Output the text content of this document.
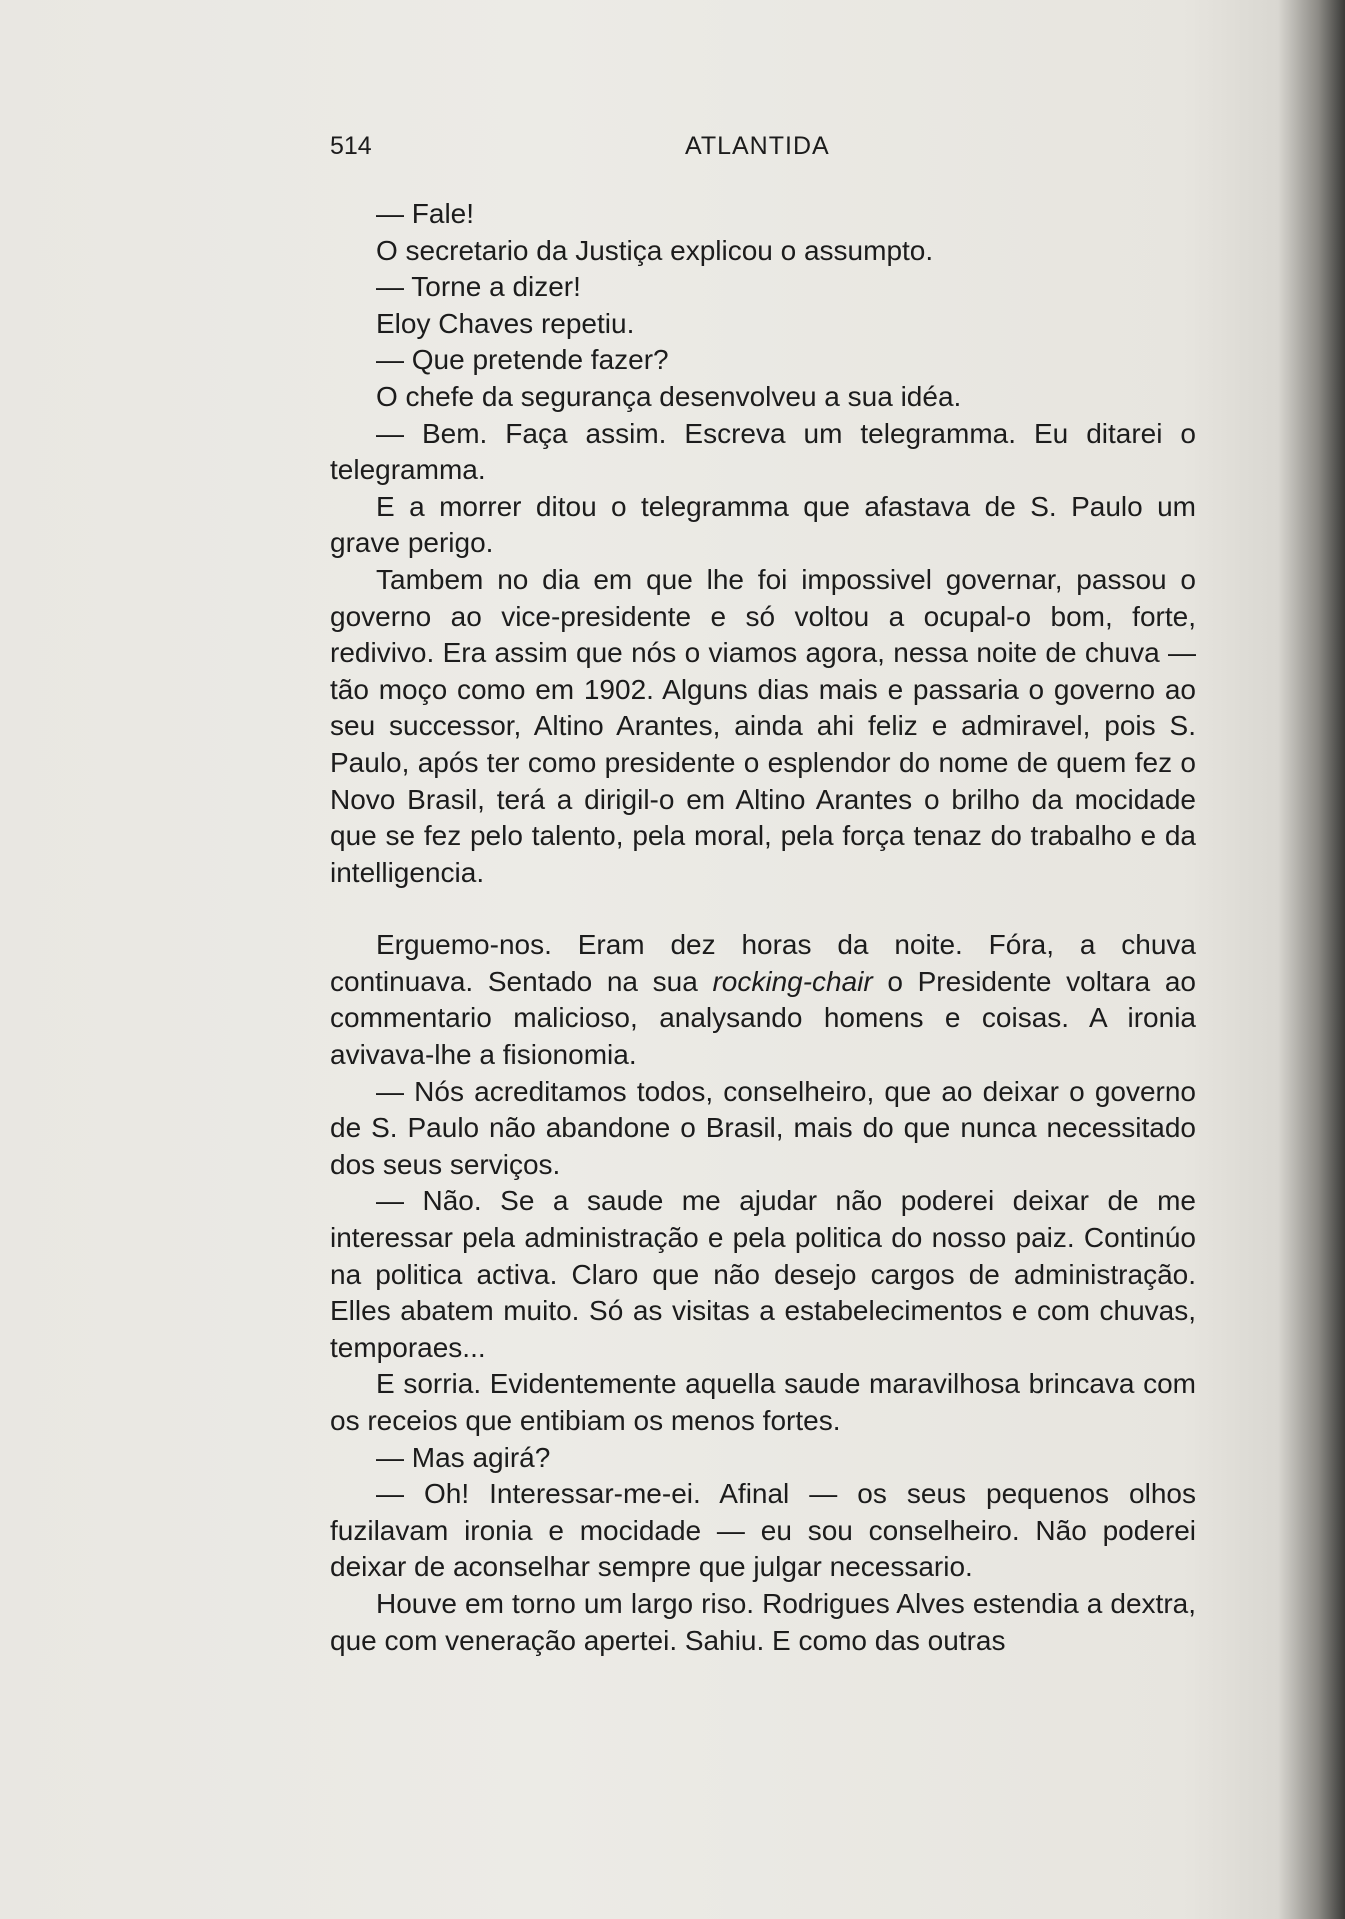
514	ATLANTIDA

— Fale!

O secretario da Justiça explicou o assumpto.

— Torne a dizer!

Eloy Chaves repetiu.

— Que pretende fazer?

O chefe da segurança desenvolveu a sua idéa.

— Bem. Faça assim. Escreva um telegramma. Eu ditarei o telegramma.

E a morrer ditou o telegramma que afastava de S. Paulo um grave perigo.

Tambem no dia em que lhe foi impossivel governar, passou o governo ao vice-presidente e só voltou a ocupal-o bom, forte, redivivo. Era assim que nós o viamos agora, nessa noite de chuva — tão moço como em 1902. Alguns dias mais e passaria o governo ao seu successor, Altino Arantes, ainda ahi feliz e admiravel, pois S. Paulo, após ter como presidente o esplendor do nome de quem fez o Novo Brasil, terá a dirigil-o em Altino Arantes o brilho da mocidade que se fez pelo talento, pela moral, pela força tenaz do trabalho e da intelligencia.

Erguemo-nos. Eram dez horas da noite. Fóra, a chuva continuava. Sentado na sua rocking-chair o Presidente voltara ao commentario malicioso, analysando homens e coisas. A ironia avivava-lhe a fisionomia.

— Nós acreditamos todos, conselheiro, que ao deixar o governo de S. Paulo não abandone o Brasil, mais do que nunca necessitado dos seus serviços.

— Não. Se a saude me ajudar não poderei deixar de me interessar pela administração e pela politica do nosso paiz. Continúo na politica activa. Claro que não desejo cargos de administração. Elles abatem muito. Só as visitas a estabelecimentos e com chuvas, temporaes...

E sorria. Evidentemente aquella saude maravilhosa brincava com os receios que entibiam os menos fortes.

— Mas agirá?

— Oh! Interessar-me-ei. Afinal — os seus pequenos olhos fuzilavam ironia e mocidade — eu sou conselheiro. Não poderei deixar de aconselhar sempre que julgar necessario.

Houve em torno um largo riso. Rodrigues Alves estendia a dextra, que com veneração apertei. Sahiu. E como das outras
